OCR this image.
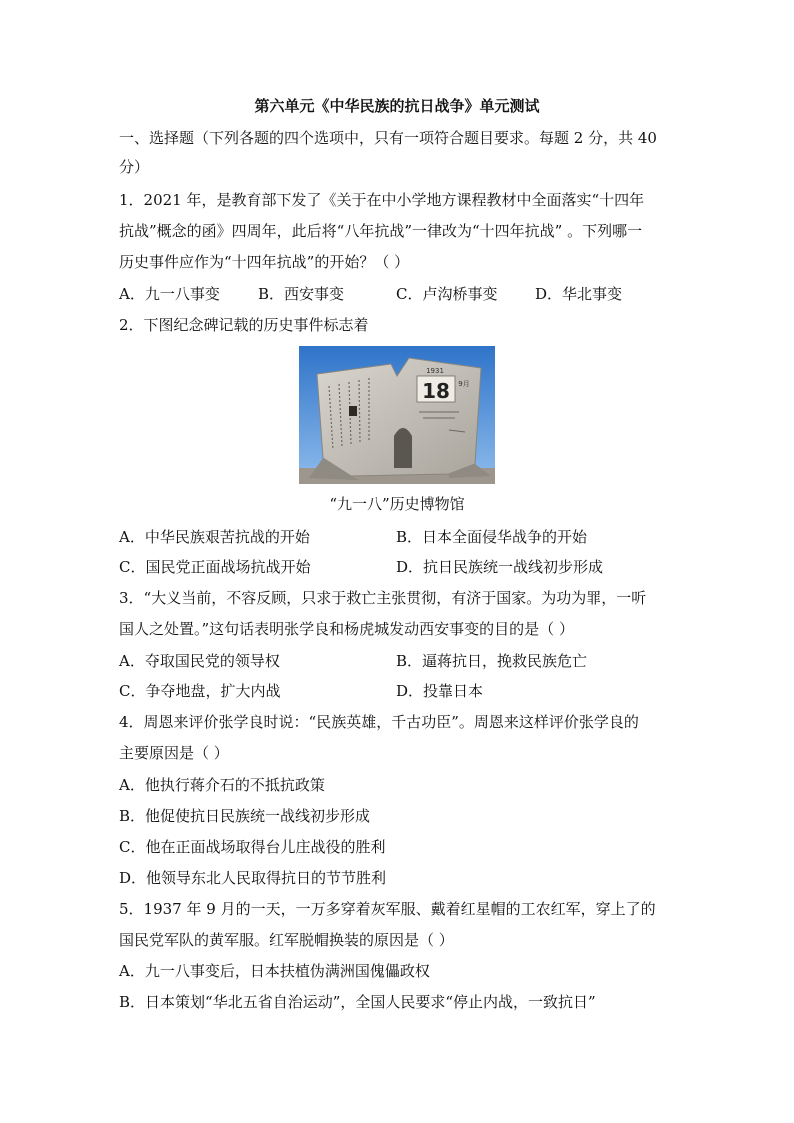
第六单元《中华民族的抗日战争》单元测试
一、选择题（下列各题的四个选项中，只有一项符合题目要求。每题 2 分，共 40
分）
1．2021 年，是教育部下发了《关于在中小学地方课程教材中全面落实“十四年
抗战”概念的函》四周年，此后将“八年抗战”一律改为“十四年抗战” 。下列哪一
历史事件应作为“十四年抗战”的开始？（ ）
A．九一八事变	B．西安事变	C．卢沟桥事变	D．华北事变
2．下图纪念碑记载的历史事件标志着
18
1931
9月
“九一八”历史博物馆
A．中华民族艰苦抗战的开始	B．日本全面侵华战争的开始
C．国民党正面战场抗战开始	D．抗日民族统一战线初步形成
3．“大义当前，不容反顾，只求于救亡主张贯彻，有济于国家。为功为罪，一听
国人之处置。”这句话表明张学良和杨虎城发动西安事变的目的是（ ）
A．夺取国民党的领导权	B．逼蒋抗日，挽救民族危亡
C．争夺地盘，扩大内战	D．投靠日本
4．周恩来评价张学良时说：“民族英雄，千古功臣”。周恩来这样评价张学良的
主要原因是（ ）
A．他执行蒋介石的不抵抗政策
B．他促使抗日民族统一战线初步形成
C．他在正面战场取得台儿庄战役的胜利
D．他领导东北人民取得抗日的节节胜利
5．1937 年 9 月的一天，一万多穿着灰军服、戴着红星帽的工农红军，穿上了的
国民党军队的黄军服。红军脱帽换装的原因是（ ）
A．九一八事变后，日本扶植伪满洲国傀儡政权
B．日本策划“华北五省自治运动”，全国人民要求“停止内战，一致抗日”
